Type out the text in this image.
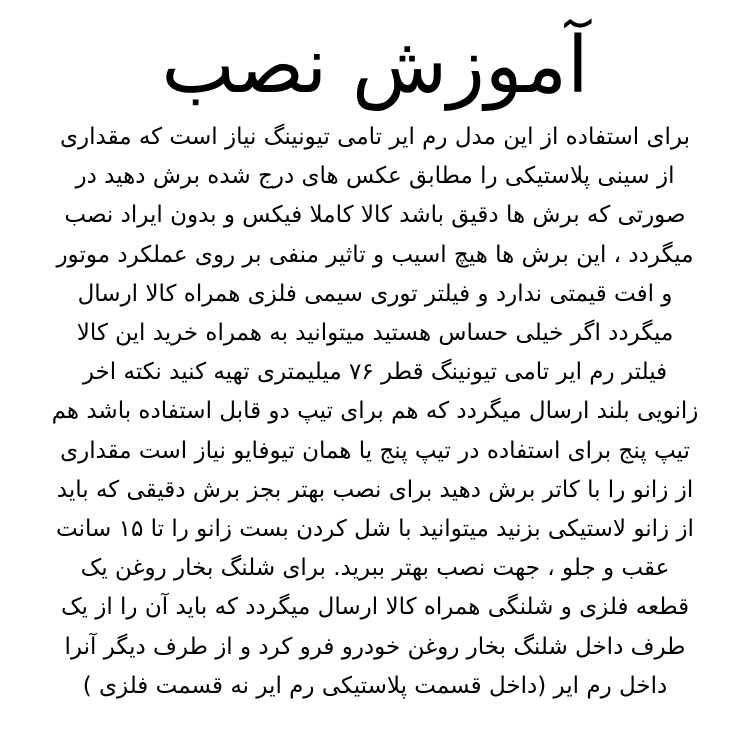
آموزش نصب
برای استفاده از این مدل رم ایر تامی تیونینگ نیاز است که مقداری
از سینی پلاستیکی را مطابق عکس های درج شده برش دهید در
صورتی که برش ها دقیق باشد کالا کاملا فیکس و بدون ایراد نصب
میگردد ، این برش ها هیچ اسیب و تاثیر منفی بر روی عملکرد موتور
و افت قیمتی ندارد و فیلتر توری سیمی فلزی همراه کالا ارسال
میگردد اگر خیلی حساس هستید میتوانید به همراه خرید این کالا
فیلتر رم ایر تامی تیونینگ قطر ۷۶ میلیمتری تهیه کنید نکته اخر
زانویی بلند ارسال میگردد که هم برای تیپ دو قابل استفاده باشد هم
تیپ پنج برای استفاده در تیپ پنج یا همان تیوفایو نیاز است مقداری
از زانو را با کاتر برش دهید برای نصب بهتر بجز برش دقیقی که باید
از زانو لاستیکی بزنید میتوانید با شل کردن بست زانو را تا ۱۵ سانت
عقب و جلو ، جهت نصب بهتر ببرید. برای شلنگ بخار روغن یک
قطعه فلزی و شلنگی همراه کالا ارسال میگردد که باید آن را از یک
طرف داخل شلنگ بخار روغن خودرو فرو کرد و از طرف دیگر آنرا
داخل رم ایر (داخل قسمت پلاستیکی رم ایر نه قسمت فلزی )
